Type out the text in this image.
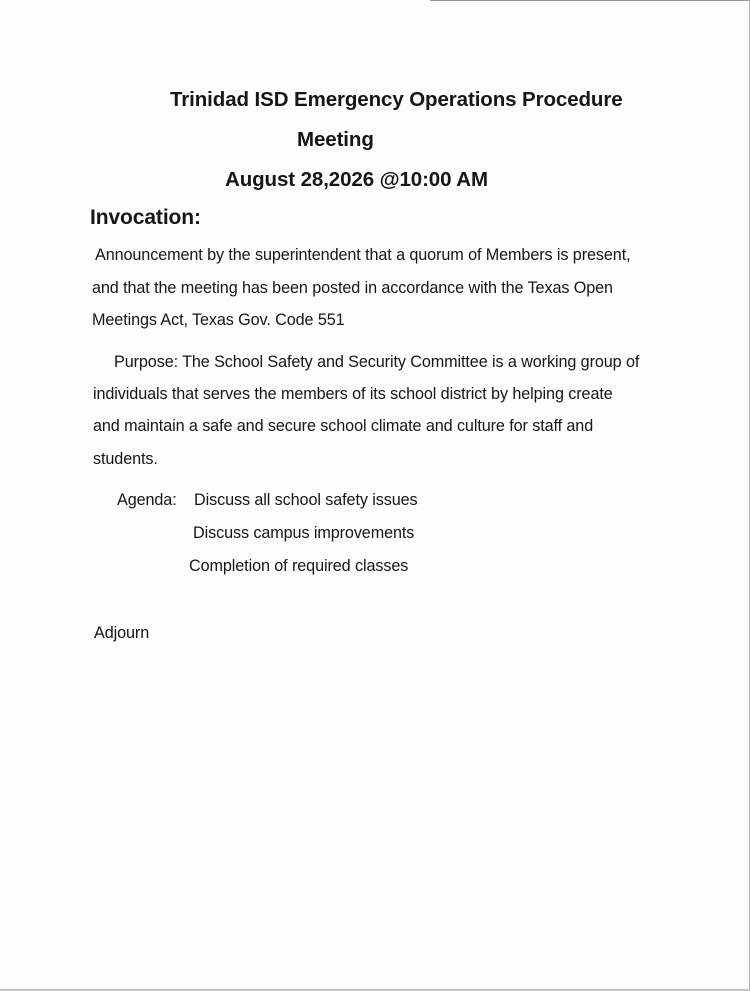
Trinidad ISD Emergency Operations Procedure
Meeting
August 28,2026 @10:00 AM
Invocation:
Announcement by the superintendent that a quorum of Members is present,
and that the meeting has been posted in accordance with the Texas Open
Meetings Act, Texas Gov. Code 551
Purpose: The School Safety and Security Committee is a working group of
individuals that serves the members of its school district by helping create
and maintain a safe and secure school climate and culture for staff and
students.
Agenda: Discuss all school safety issues
Discuss campus improvements
Completion of required classes
Adjourn
